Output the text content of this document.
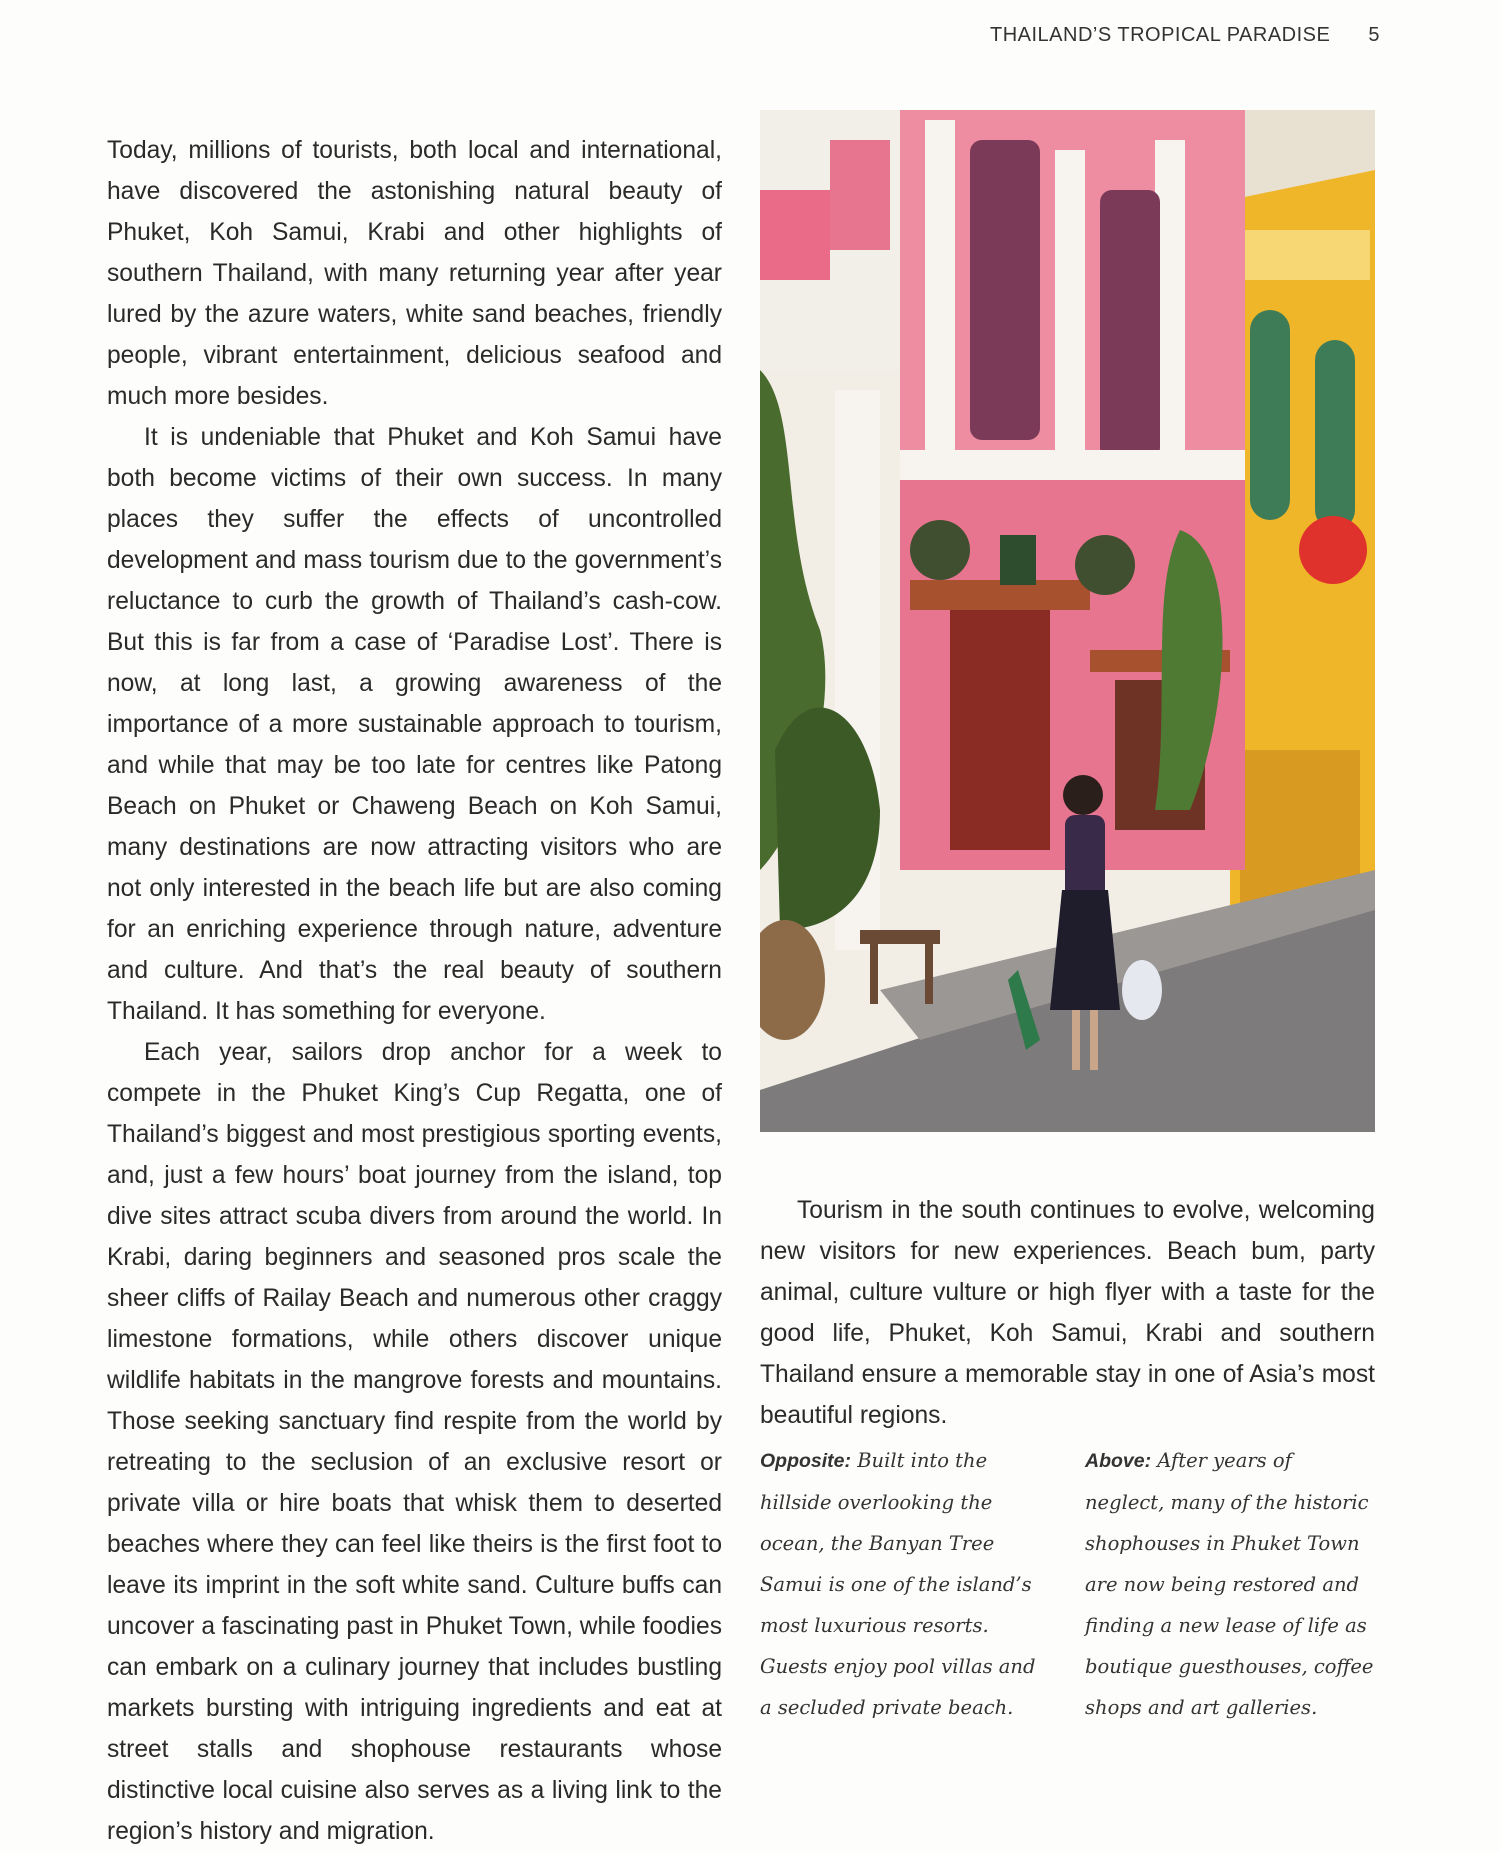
THAILAND’S TROPICAL PARADISE 5

Today, millions of tourists, both local and international, have discovered the astonishing natural beauty of Phuket, Koh Samui, Krabi and other highlights of southern Thailand, with many returning year after year lured by the azure waters, white sand beaches, friendly people, vibrant entertainment, delicious seafood and much more besides.

It is undeniable that Phuket and Koh Samui have both become victims of their own success. In many places they suffer the effects of uncontrolled development and mass tourism due to the government’s reluctance to curb the growth of Thailand’s cash-cow. But this is far from a case of ‘Paradise Lost’. There is now, at long last, a growing awareness of the importance of a more sustainable approach to tourism, and while that may be too late for centres like Patong Beach on Phuket or Chaweng Beach on Koh Samui, many destinations are now attracting visitors who are not only interested in the beach life but are also coming for an enriching experience through nature, adventure and culture. And that’s the real beauty of southern Thailand. It has something for everyone.

Each year, sailors drop anchor for a week to compete in the Phuket King’s Cup Regatta, one of Thailand’s biggest and most prestigious sporting events, and, just a few hours’ boat journey from the island, top dive sites attract scuba divers from around the world. In Krabi, daring beginners and seasoned pros scale the sheer cliffs of Railay Beach and numerous other craggy limestone formations, while others discover unique wildlife habitats in the mangrove forests and mountains. Those seeking sanctuary find respite from the world by retreating to the seclusion of an exclusive resort or private villa or hire boats that whisk them to deserted beaches where they can feel like theirs is the first foot to leave its imprint in the soft white sand. Culture buffs can uncover a fascinating past in Phuket Town, while foodies can embark on a culinary journey that includes bustling markets bursting with intriguing ingredients and eat at street stalls and shophouse restaurants whose distinctive local cuisine also serves as a living link to the region’s history and migration.

Tourism in the south continues to evolve, welcoming new visitors for new experiences. Beach bum, party animal, culture vulture or high flyer with a taste for the good life, Phuket, Koh Samui, Krabi and southern Thailand ensure a memorable stay in one of Asia’s most beautiful regions.

Opposite: Built into the hillside overlooking the ocean, the Banyan Tree Samui is one of the island’s most luxurious resorts. Guests enjoy pool villas and a secluded private beach.
Above: After years of neglect, many of the historic shophouses in Phuket Town are now being restored and finding a new lease of life as boutique guesthouses, coffee shops and art galleries.
